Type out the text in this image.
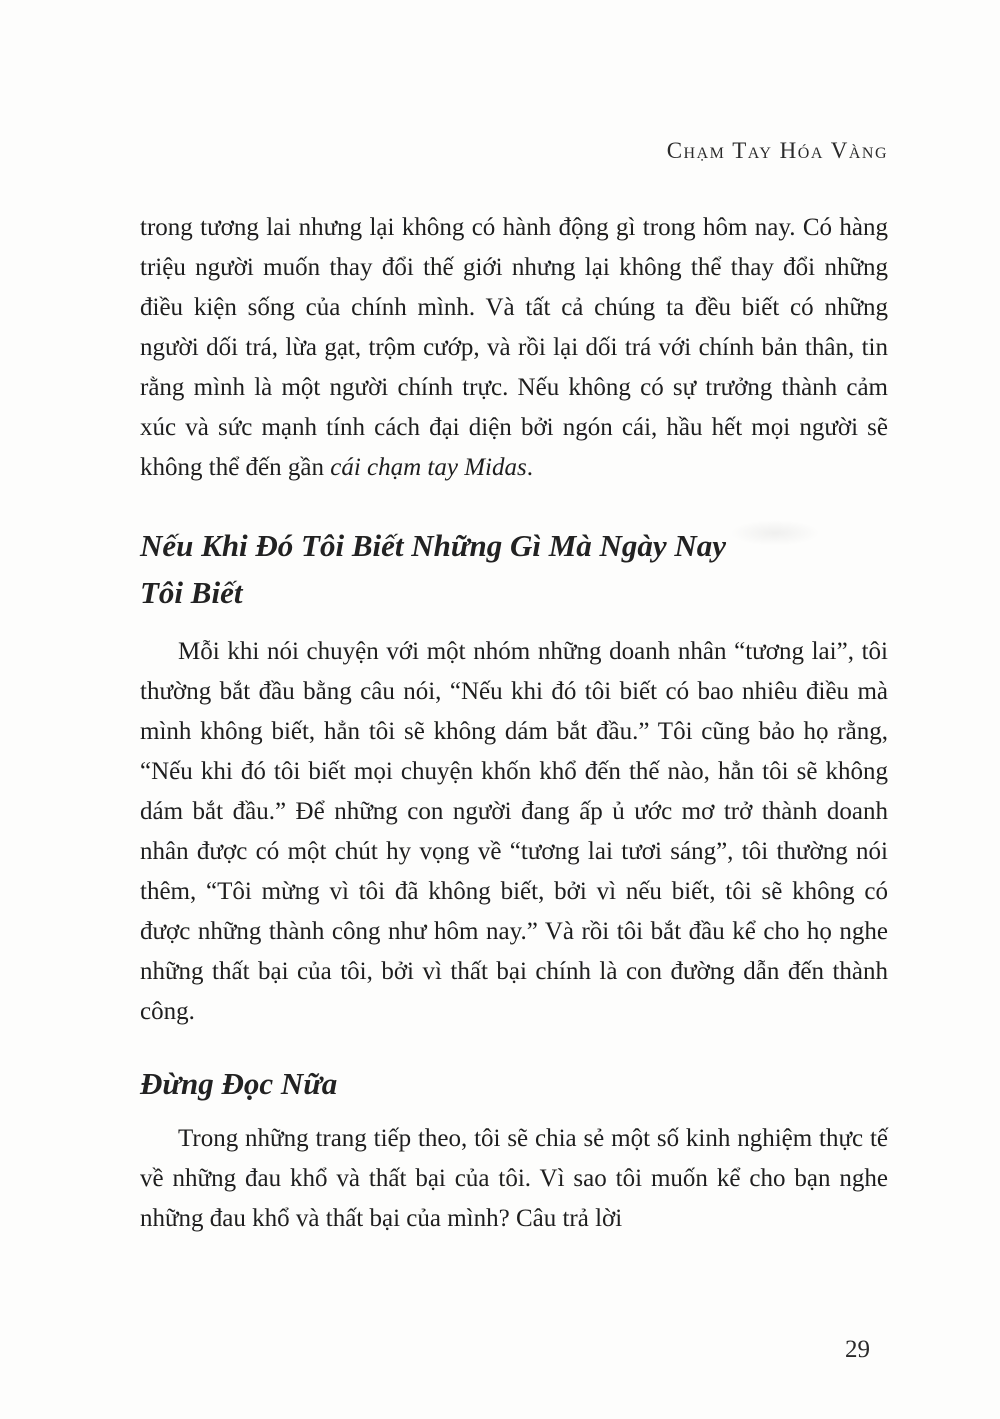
Chạm Tay Hóa Vàng

trong tương lai nhưng lại không có hành động gì trong hôm nay. Có hàng triệu người muốn thay đổi thế giới nhưng lại không thể thay đổi những điều kiện sống của chính mình. Và tất cả chúng ta đều biết có những người dối trá, lừa gạt, trộm cướp, và rồi lại dối trá với chính bản thân, tin rằng mình là một người chính trực. Nếu không có sự trưởng thành cảm xúc và sức mạnh tính cách đại diện bởi ngón cái, hầu hết mọi người sẽ không thể đến gần cái chạm tay Midas.

Nếu Khi Đó Tôi Biết Những Gì Mà Ngày Nay
Tôi Biết

Mỗi khi nói chuyện với một nhóm những doanh nhân “tương lai”, tôi thường bắt đầu bằng câu nói, “Nếu khi đó tôi biết có bao nhiêu điều mà mình không biết, hẳn tôi sẽ không dám bắt đầu.” Tôi cũng bảo họ rằng, “Nếu khi đó tôi biết mọi chuyện khốn khổ đến thế nào, hẳn tôi sẽ không dám bắt đầu.” Để những con người đang ấp ủ ước mơ trở thành doanh nhân được có một chút hy vọng về “tương lai tươi sáng”, tôi thường nói thêm, “Tôi mừng vì tôi đã không biết, bởi vì nếu biết, tôi sẽ không có được những thành công như hôm nay.” Và rồi tôi bắt đầu kể cho họ nghe những thất bại của tôi, bởi vì thất bại chính là con đường dẫn đến thành công.

Đừng Đọc Nữa

Trong những trang tiếp theo, tôi sẽ chia sẻ một số kinh nghiệm thực tế về những đau khổ và thất bại của tôi. Vì sao tôi muốn kể cho bạn nghe những đau khổ và thất bại của mình? Câu trả lời

29
